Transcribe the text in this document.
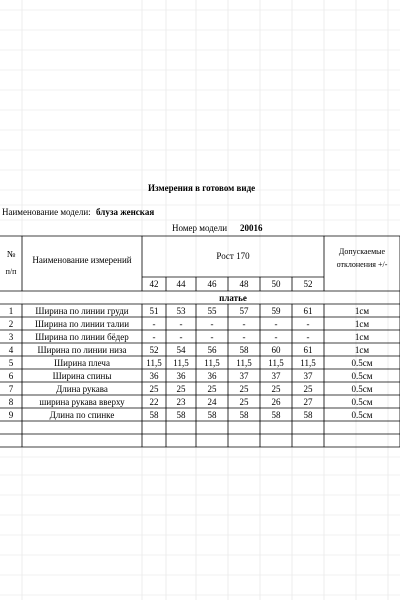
Измерения в готовом виде
Наименование модели: блуза женская
Номер модели 20016
№
п/п
Наименование измерений	Рост 170	Допускаемые
отклонения +/-
42	44	46	48	50	52
платье
1	Ширина по линии груди	51	53	55	57	59	61	1см
2	Ширина по линии талии	-	-	-	-	-	-	1см
3	Ширина по линии бёдер	-	-	-	-	-	-	1см
4	Ширина по линии низа	52	54	56	58	60	61	1см
5	Ширина плеча	11,5	11,5	11,5	11,5	11,5	11,5	0.5см
6	Ширина спины	36	36	36	37	37	37	0.5см
7	Длина рукава	25	25	25	25	25	25	0.5см
8	ширина рукава вверху	22	23	24	25	26	27	0.5см
9	Длина по спинке	58	58	58	58	58	58	0.5см
